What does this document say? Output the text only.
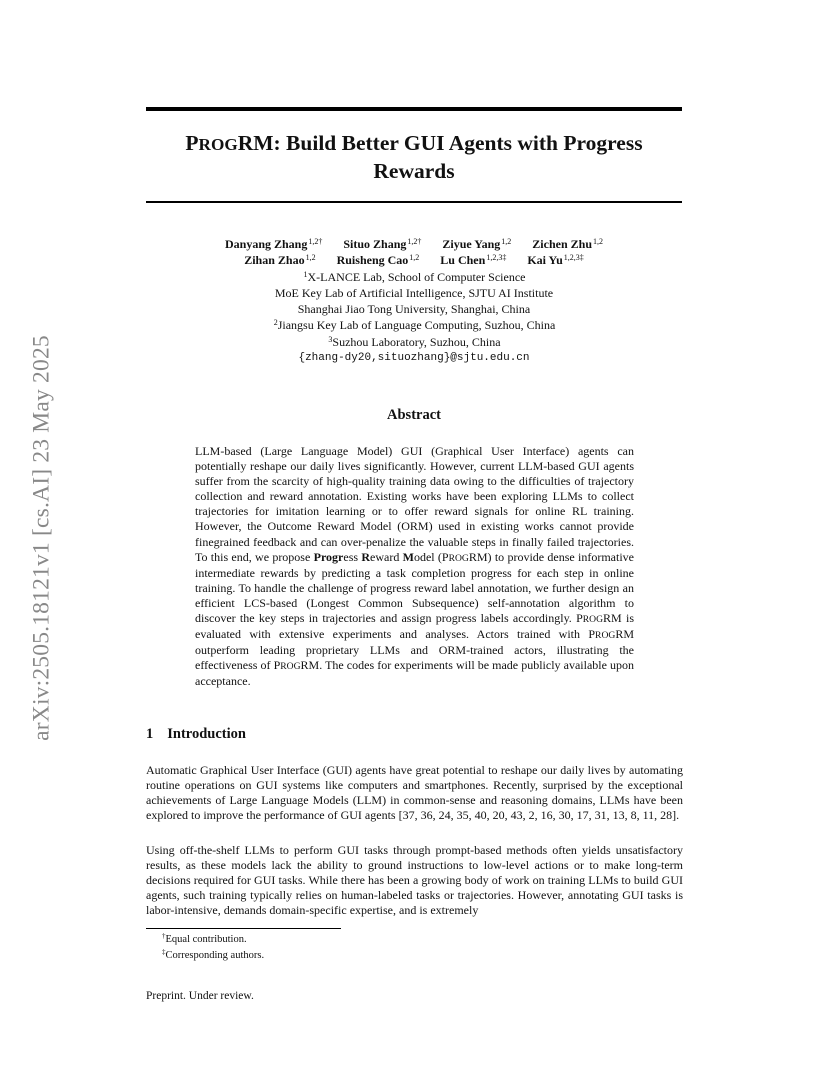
arXiv:2505.18121v1 [cs.AI] 23 May 2025
PROGRM: Build Better GUI Agents with Progress
Rewards
Danyang Zhang$^{1,2\dagger}$ Situo Zhang$^{1,2\dagger}$ Ziyue Yang$^{1,2}$ Zichen Zhu$^{1,2}$
Zihan Zhao$^{1,2}$ Ruisheng Cao$^{1,2}$ Lu Chen$^{1,2,3\ddagger}$ Kai $Yu^{1,2,3\ddagger}$
$^1$X-LANCE Lab, School of Computer Science
MoE Key Lab of Artificial Intelligence, SJTU AI Institute
Shanghai Jiao Tong University, Shanghai, China
$^2$Jiangsu Key Lab of Language Computing, Suzhou, China
$^3$Suzhou Laboratory, Suzhou, China
{zhang-dy20,situozhang}@sjtu.edu.cn
Abstract
LLM-based (Large Language Model) GUI (Graphical User Interface) agents can potentially reshape our daily lives significantly. However, current LLM-based GUI agents suffer from the scarcity of high-quality training data owing to the difficulties of trajectory collection and reward annotation. Existing works have been exploring LLMs to collect trajectories for imitation learning or to offer reward signals for online RL training. However, the Outcome Reward Model (ORM) used in existing works cannot provide finegrained feedback and can over-penalize the valuable steps in finally failed trajectories. To this end, we propose Progress Reward Model (PROGRM) to provide dense informative intermediate rewards by predicting a task completion progress for each step in online training. To handle the challenge of progress reward label annotation, we further design an efficient LCS-based (Longest Common Subsequence) self-annotation algorithm to discover the key steps in trajectories and assign progress labels accordingly. PROGRM is evaluated with extensive experiments and analyses. Actors trained with PROGRM outperform leading proprietary LLMs and ORM-trained actors, illustrating the effectiveness of PROGRM. The codes for experiments will be made publicly available upon acceptance.
1 Introduction
Automatic Graphical User Interface (GUI) agents have great potential to reshape our daily lives by automating routine operations on GUI systems like computers and smartphones. Recently, surprised by the exceptional achievements of Large Language Models (LLM) in common-sense and reasoning domains, LLMs have been explored to improve the performance of GUI agents [37, 36, 24, 35, 40, 20, 43, 2, 16, 30, 17, 31, 13, 8, 11, 28].
Using off-the-shelf LLMs to perform GUI tasks through prompt-based methods often yields unsatisfactory results, as these models lack the ability to ground instructions to low-level actions or to make long-term decisions required for GUI tasks. While there has been a growing body of work on training LLMs to build GUI agents, such training typically relies on human-labeled tasks or trajectories. However, annotating GUI tasks is labor-intensive, demands domain-specific expertise, and is extremely
†Equal contribution.
‡Corresponding authors.
Preprint. Under review.
